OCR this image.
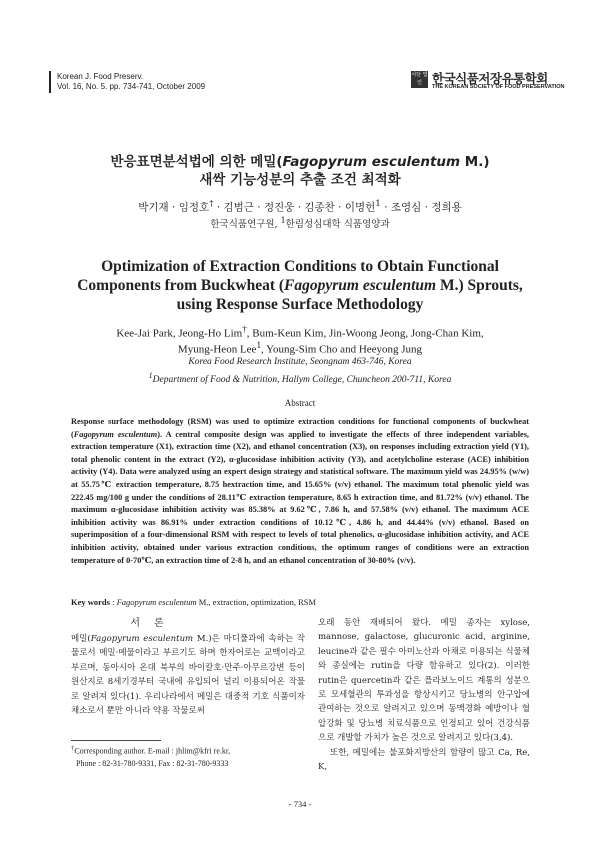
Korean J. Food Preserv.
Vol. 16, No. 5. pp. 734-741, October 2009
사단 법인 한국식품저장유통학회
THE KOREAN SOCIETY OF FOOD PRESERVATION
반응표면분석법에 의한 메밀(Fagopyrum esculentum M.)
새싹 기능성분의 추출 조건 최적화
박기재 · 임정호† · 김범근 · 정진웅 · 김종찬 · 이명헌$^1$ · 조영심 · 정희용
한국식품연구원, $^1$한림성심대학 식품영양과
Optimization of Extraction Conditions to Obtain Functional
Components from Buckwheat (Fagopyrum esculentum M.) Sprouts,
using Response Surface Methodology
Kee-Jai Park, Jeong-Ho Lim†, Bum-Keun Kim, Jin-Woong Jeong, Jong-Chan Kim,
Myung-Heon Lee$^1$, Young-Sim Cho and Heeyong Jung
Korea Food Research Institute, Seongnam 463-746, Korea
$^1$Department of Food & Nutrition, Hallym College, Chuncheon 200-711, Korea
Abstract
Response surface methodology (RSM) was used to optimize extraction conditions for functional components of buckwheat (Fagopyrum esculentum). A central composite design was applied to investigate the effects of three independent variables, extraction temperature (X1), extraction time (X2), and ethanol concentration (X3), on responses including extraction yield (Y1), total phenolic content in the extract (Y2), α-glucosidase inhibition activity (Y3), and acetylcholine esterase (ACE) inhibition activity (Y4). Data were analyzed using an expert design strategy and statistical software. The maximum yield was 24.95% (w/w) at 55.75℃ extraction temperature, 8.75 hextraction time, and 15.65% (v/v) ethanol. The maximum total phenolic yield was 222.45 mg/100 g under the conditions of 28.11℃ extraction temperature, 8.65 h extraction time, and 81.72% (v/v) ethanol. The maximum α-glucosidase inhibition activity was 85.38% at 9.62℃, 7.86 h, and 57.58% (v/v) ethanol. The maximum ACE inhibition activity was 86.91% under extraction conditions of 10.12℃, 4.86 h, and 44.44% (v/v) ethanol. Based on superimposition of a four-dimensional RSM with respect to levels of total phenolics, α-glucosidase inhibition activity, and ACE inhibition activity, obtained under various extraction conditions, the optimum ranges of conditions were an extraction temperature of 0-70℃, an extraction time of 2-8 h, and an ethanol concentration of 30-80% (v/v).
Key words : Fagopyrum esculentum M., extraction, optimization, RSM
서론
메밀(Fagopyrum esculentum M.)은 마디풀과에 속하는 작물로서 메밀·메물이라고 부르기도 하며 한자어로는 교맥이라고 부르며, 동아시아 온대 북부의 바이칼호·만주·아무르강변 등이 원산지로 8세기경부터 국내에 유입되어 널리 이용되어온 작물로 알려져 있다(1). 우리나라에서 메밀은 대중적 기호 식품이자 채소로서 뿐만 아니라 약용 작물로써
오래 동안 재배되어 왔다. 메밀 종자는 xylose, mannose, galactose, glucuronic acid, arginine, leucine과 같은 필수 아미노산과 아채로 이용되는 식물체와 종실에는 rutin을 다량 함유하고 있다(2). 이러한 rutin은 quercetin과 같은 플라보노이드 계통의 성분으로 모세혈관의 투과성을 항상시키고 당뇨병의 안구압에 관여하는 것으로 알려지고 있으며 동맥경화 예방이나 혈압강화 및 당뇨병 치료식품으로 인정되고 있어 건강식품으로 개발할 가치가 높은 것으로 알려지고 있다(3,4).
또한, 메밀에는 불포화지방산의 함량이 많고 Ca, Re, K,
†Corresponding author. E-mail : jhlim@kfri re.kr,
Phone : 82-31-780-9331, Fax : 82-31-780-9333
- 734 -
